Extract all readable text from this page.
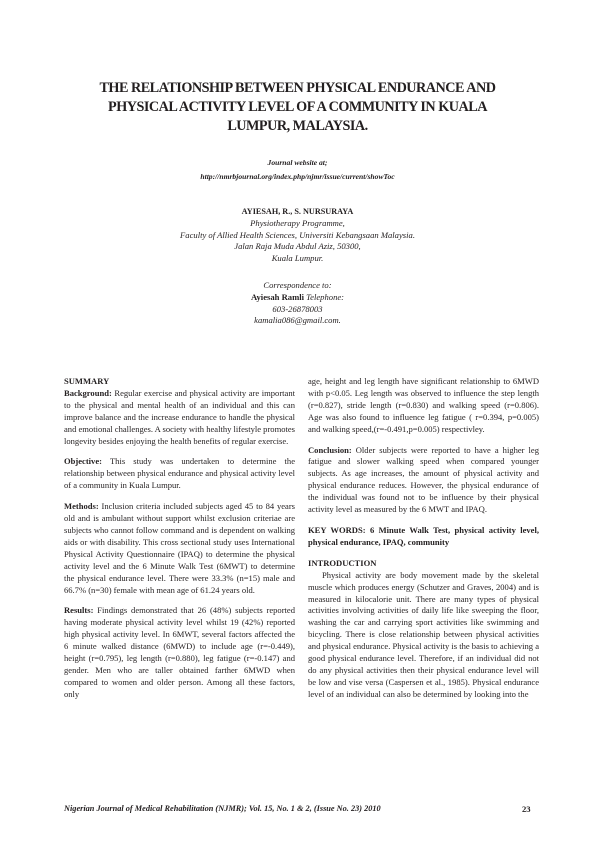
THE RELATIONSHIP BETWEEN PHYSICAL ENDURANCE AND
PHYSICAL ACTIVITY LEVEL OF A COMMUNITY IN KUALA
LUMPUR, MALAYSIA.
Journal website at;
http://nmrbjournal.org/index.php/njmr/issue/current/showToc
AYIESAH, R., S. NURSURAYA
Physiotherapy Programme,
Faculty of Allied Health Sciences, Universiti Kebangsaan Malaysia.
Jalan Raja Muda Abdul Aziz, 50300,
Kuala Lumpur.
Correspondence to:
Ayiesah Ramli Telephone:
603-26878003
kamalia086@gmail.com.

SUMMARY

Background: Regular exercise and physical activity are important to the physical and mental health of an individual and this can improve balance and the increase endurance to handle the physical and emotional challenges. A society with healthy lifestyle promotes longevity besides enjoying the health benefits of regular exercise.

Objective: This study was undertaken to determine the relationship between physical endurance and physical activity level of a community in Kuala Lumpur.

Methods: Inclusion criteria included subjects aged 45 to 84 years old and is ambulant without support whilst exclusion criteriae are subjects who cannot follow command and is dependent on walking aids or with disability. This cross sectional study uses International Physical Activity Questionnaire (IPAQ) to determine the physical activity level and the 6 Minute Walk Test (6MWT) to determine the physical endurance level. There were 33.3% (n=15) male and 66.7% (n=30) female with mean age of 61.24 years old.

Results: Findings demonstrated that 26 (48%) subjects reported having moderate physical activity level whilst 19 (42%) reported high physical activity level. In 6MWT, several factors affected the 6 minute walked distance (6MWD) to include age (r=-0.449), height (r=0.795), leg length (r=0.880), leg fatigue (r=-0.147) and gender. Men who are taller obtained farther 6MWD when compared to women and older person. Among all these factors, only

age, height and leg length have significant relationship to 6MWD with p<0.05. Leg length was observed to influence the step length (r=0.827), stride length (r=0.830) and walking speed (r=0.806). Age was also found to influence leg fatigue ( r=0.394, p=0.005) and walking speed,(r=-0.491,p=0.005) respectivley.

Conclusion: Older subjects were reported to have a higher leg fatigue and slower walking speed when compared younger subjects. As age increases, the amount of physical activity and physical endurance reduces. However, the physical endurance of the individual was found not to be influence by their physical activity level as measured by the 6 MWT and IPAQ.

KEY WORDS: 6 Minute Walk Test, physical activity level, physical endurance, IPAQ, community

INTRODUCTION

Physical activity are body movement made by the skeletal muscle which produces energy (Schutzer and Graves, 2004) and is measured in kilocalorie unit. There are many types of physical activities involving activities of daily life like sweeping the floor, washing the car and carrying sport activities like swimming and bicycling. There is close relationship between physical activities and physical endurance. Physical activity is the basis to achieving a good physical endurance level. Therefore, if an individual did not do any physical activities then their physical endurance level will be low and vise versa (Caspersen et al., 1985). Physical endurance level of an individual can also be determined by looking into the

Nigerian Journal of Medical Rehabilitation (NJMR); Vol. 15, No. 1 & 2, (Issue No. 23) 2010	23
